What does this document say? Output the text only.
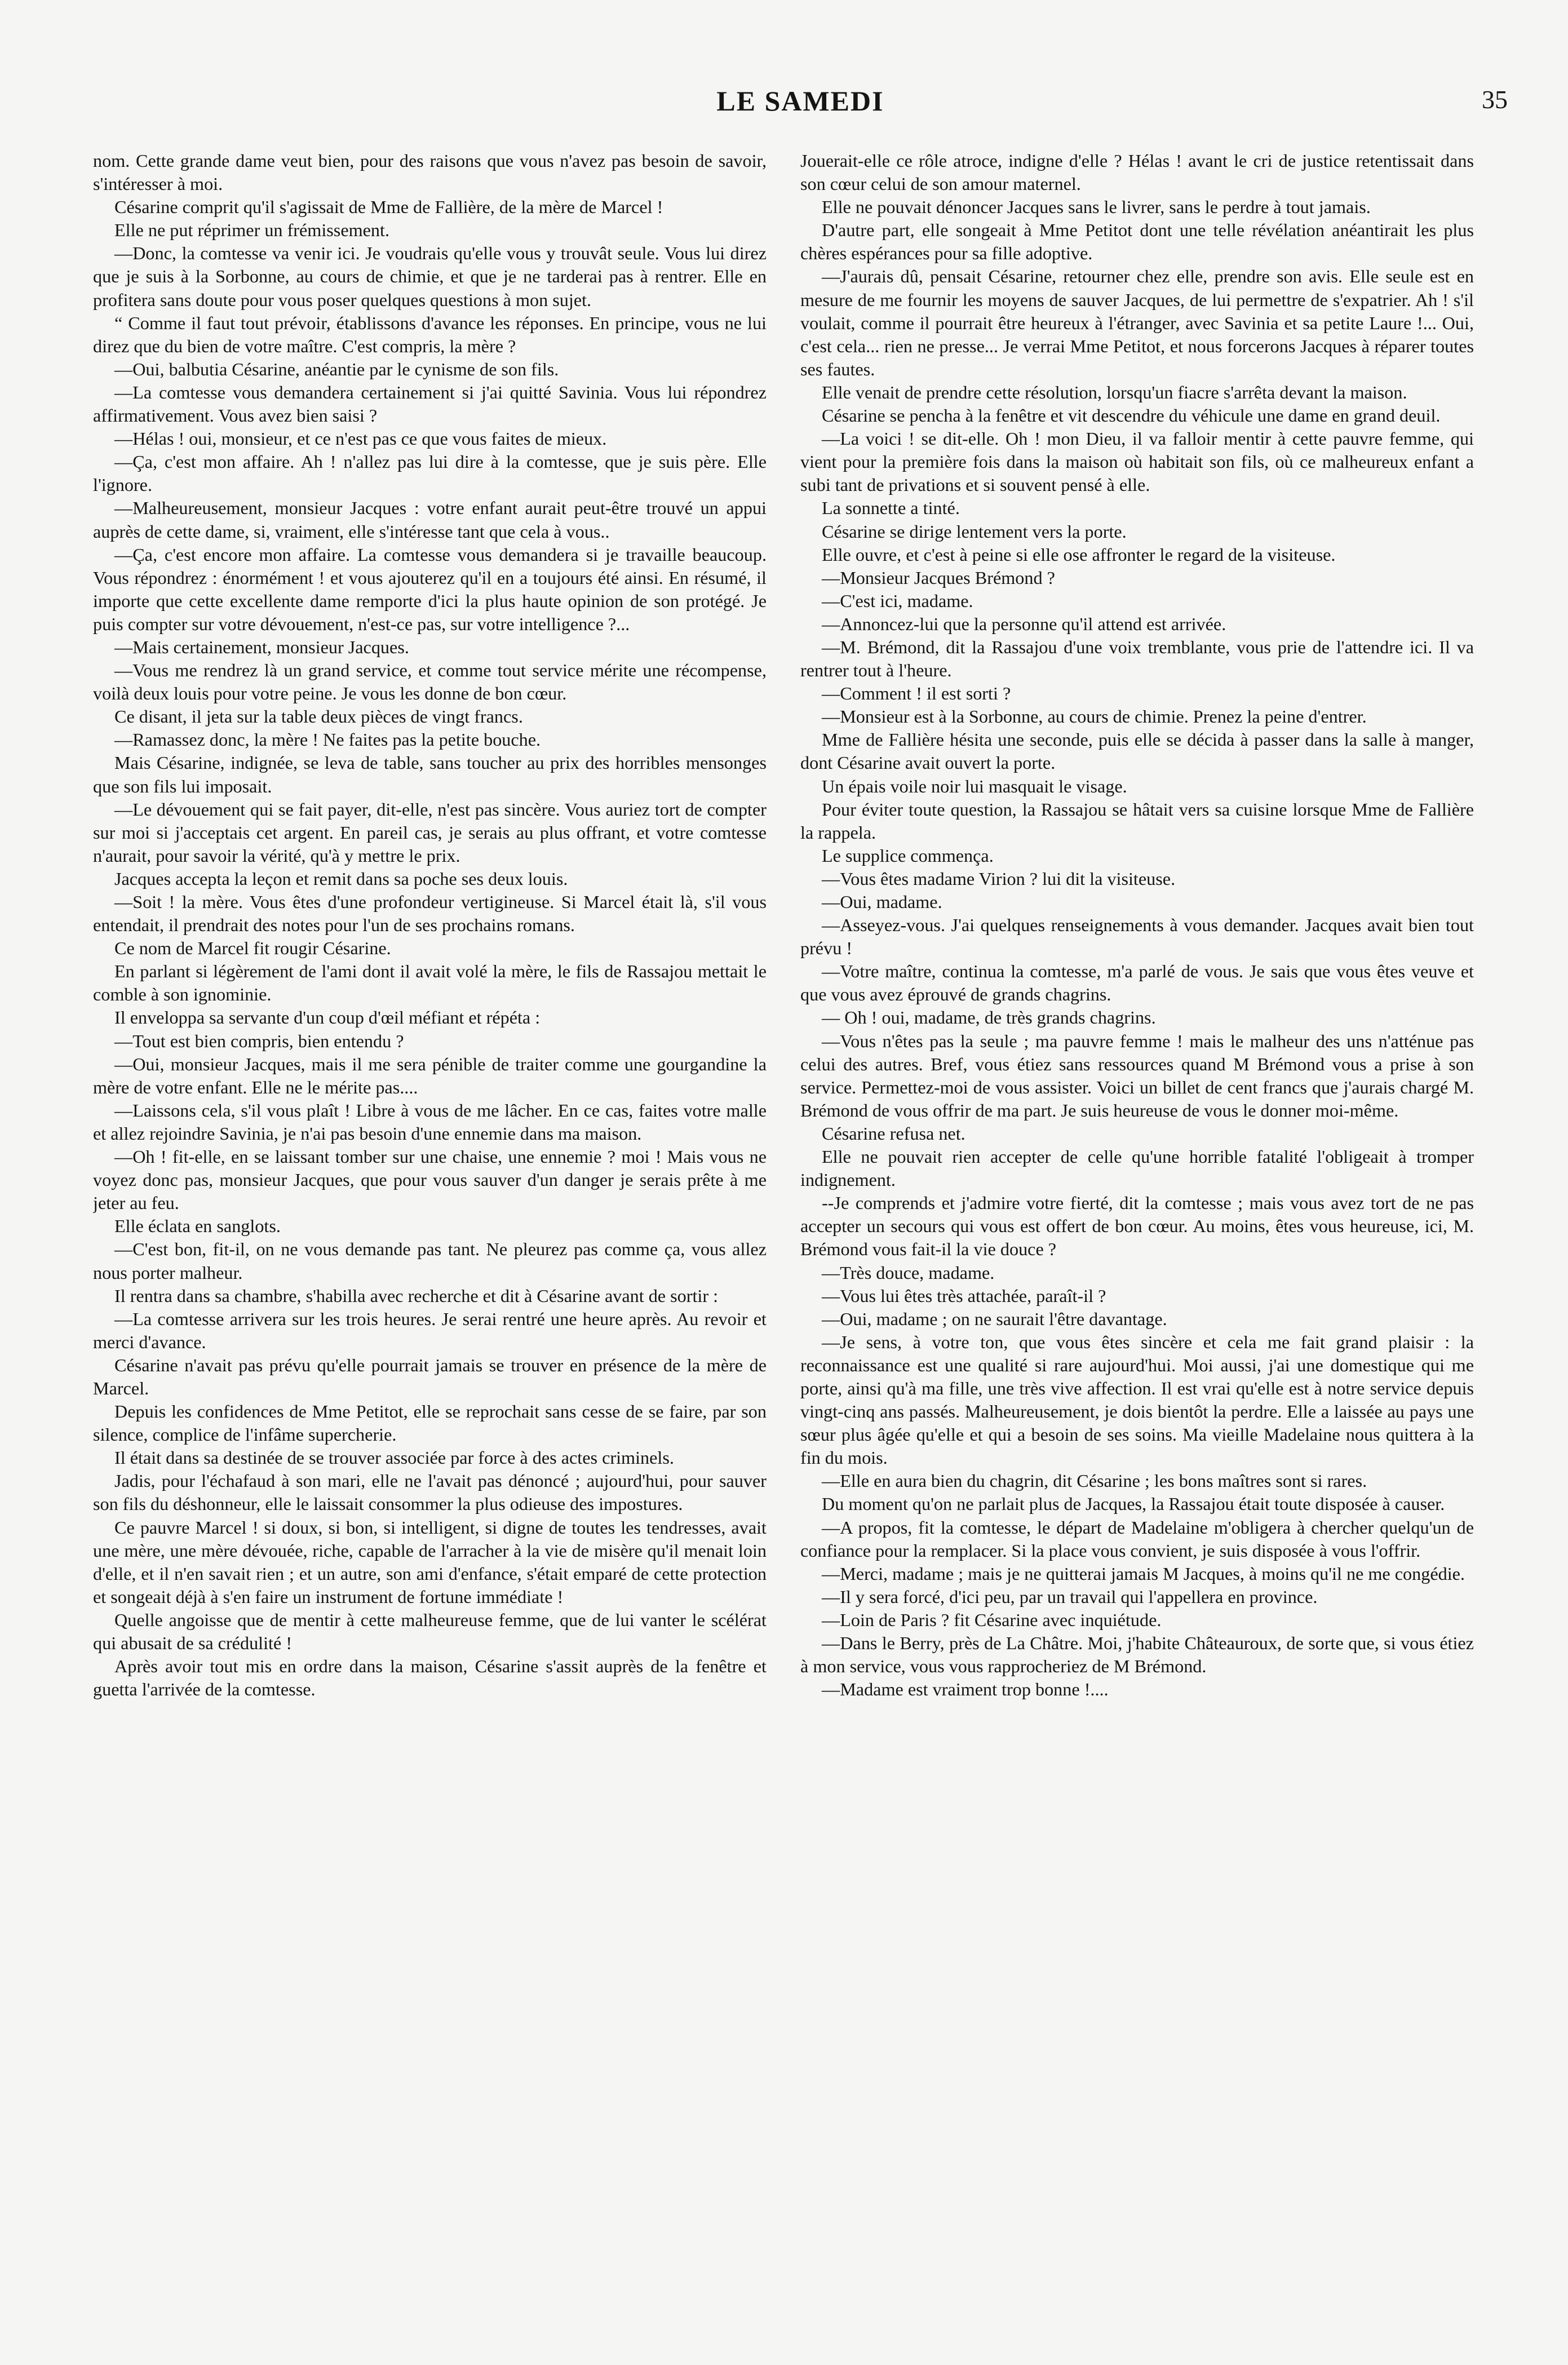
LE SAMEDI	35

nom. Cette grande dame veut bien, pour des raisons que vous n'avez pas besoin de savoir, s'intéresser à moi.

Césarine comprit qu'il s'agissait de Mme de Fallière, de la mère de Marcel !

Elle ne put réprimer un frémissement.

—Donc, la comtesse va venir ici. Je voudrais qu'elle vous y trouvât seule. Vous lui direz que je suis à la Sorbonne, au cours de chimie, et que je ne tarderai pas à rentrer. Elle en profitera sans doute pour vous poser quelques questions à mon sujet.

“ Comme il faut tout prévoir, établissons d'avance les réponses. En principe, vous ne lui direz que du bien de votre maître. C'est compris, la mère ?

—Oui, balbutia Césarine, anéantie par le cynisme de son fils.

—La comtesse vous demandera certainement si j'ai quitté Savinia. Vous lui répondrez affirmativement. Vous avez bien saisi ?

—Hélas ! oui, monsieur, et ce n'est pas ce que vous faites de mieux.

—Ça, c'est mon affaire. Ah ! n'allez pas lui dire à la comtesse, que je suis père. Elle l'ignore.

—Malheureusement, monsieur Jacques : votre enfant aurait peut-être trouvé un appui auprès de cette dame, si, vraiment, elle s'intéresse tant que cela à vous..

—Ça, c'est encore mon affaire. La comtesse vous demandera si je travaille beaucoup. Vous répondrez : énormément ! et vous ajouterez qu'il en a toujours été ainsi. En résumé, il importe que cette excellente dame remporte d'ici la plus haute opinion de son protégé. Je puis compter sur votre dévouement, n'est-ce pas, sur votre intelligence ?...

—Mais certainement, monsieur Jacques.

—Vous me rendrez là un grand service, et comme tout service mérite une récompense, voilà deux louis pour votre peine. Je vous les donne de bon cœur.

Ce disant, il jeta sur la table deux pièces de vingt francs.

—Ramassez donc, la mère ! Ne faites pas la petite bouche.

Mais Césarine, indignée, se leva de table, sans toucher au prix des horribles mensonges que son fils lui imposait.

—Le dévouement qui se fait payer, dit-elle, n'est pas sincère. Vous auriez tort de compter sur moi si j'acceptais cet argent. En pareil cas, je serais au plus offrant, et votre comtesse n'aurait, pour savoir la vérité, qu'à y mettre le prix.

Jacques accepta la leçon et remit dans sa poche ses deux louis.

—Soit ! la mère. Vous êtes d'une profondeur vertigineuse. Si Marcel était là, s'il vous entendait, il prendrait des notes pour l'un de ses prochains romans.

Ce nom de Marcel fit rougir Césarine.

En parlant si légèrement de l'ami dont il avait volé la mère, le fils de Rassajou mettait le comble à son ignominie.

Il enveloppa sa servante d'un coup d'œil méfiant et répéta :

—Tout est bien compris, bien entendu ?

—Oui, monsieur Jacques, mais il me sera pénible de traiter comme une gourgandine la mère de votre enfant. Elle ne le mérite pas....

—Laissons cela, s'il vous plaît ! Libre à vous de me lâcher. En ce cas, faites votre malle et allez rejoindre Savinia, je n'ai pas besoin d'une ennemie dans ma maison.

—Oh ! fit-elle, en se laissant tomber sur une chaise, une ennemie ? moi ! Mais vous ne voyez donc pas, monsieur Jacques, que pour vous sauver d'un danger je serais prête à me jeter au feu.

Elle éclata en sanglots.

—C'est bon, fit-il, on ne vous demande pas tant. Ne pleurez pas comme ça, vous allez nous porter malheur.

Il rentra dans sa chambre, s'habilla avec recherche et dit à Césarine avant de sortir :

—La comtesse arrivera sur les trois heures. Je serai rentré une heure après. Au revoir et merci d'avance.

Césarine n'avait pas prévu qu'elle pourrait jamais se trouver en présence de la mère de Marcel.

Depuis les confidences de Mme Petitot, elle se reprochait sans cesse de se faire, par son silence, complice de l'infâme supercherie.

Il était dans sa destinée de se trouver associée par force à des actes criminels.

Jadis, pour l'échafaud à son mari, elle ne l'avait pas dénoncé ; aujourd'hui, pour sauver son fils du déshonneur, elle le laissait consommer la plus odieuse des impostures.

Ce pauvre Marcel ! si doux, si bon, si intelligent, si digne de toutes les tendresses, avait une mère, une mère dévouée, riche, capable de l'arracher à la vie de misère qu'il menait loin d'elle, et il n'en savait rien ; et un autre, son ami d'enfance, s'était emparé de cette protection et songeait déjà à s'en faire un instrument de fortune immédiate !

Quelle angoisse que de mentir à cette malheureuse femme, que de lui vanter le scélérat qui abusait de sa crédulité !

Après avoir tout mis en ordre dans la maison, Césarine s'assit auprès de la fenêtre et guetta l'arrivée de la comtesse.

Jouerait-elle ce rôle atroce, indigne d'elle ? Hélas ! avant le cri de justice retentissait dans son cœur celui de son amour maternel.

Elle ne pouvait dénoncer Jacques sans le livrer, sans le perdre à tout jamais.

D'autre part, elle songeait à Mme Petitot dont une telle révélation anéantirait les plus chères espérances pour sa fille adoptive.

—J'aurais dû, pensait Césarine, retourner chez elle, prendre son avis. Elle seule est en mesure de me fournir les moyens de sauver Jacques, de lui permettre de s'expatrier. Ah ! s'il voulait, comme il pourrait être heureux à l'étranger, avec Savinia et sa petite Laure !... Oui, c'est cela... rien ne presse... Je verrai Mme Petitot, et nous forcerons Jacques à réparer toutes ses fautes.

Elle venait de prendre cette résolution, lorsqu'un fiacre s'arrêta devant la maison.

Césarine se pencha à la fenêtre et vit descendre du véhicule une dame en grand deuil.

—La voici ! se dit-elle. Oh ! mon Dieu, il va falloir mentir à cette pauvre femme, qui vient pour la première fois dans la maison où habitait son fils, où ce malheureux enfant a subi tant de privations et si souvent pensé à elle.

La sonnette a tinté.

Césarine se dirige lentement vers la porte.

Elle ouvre, et c'est à peine si elle ose affronter le regard de la visiteuse.

—Monsieur Jacques Brémond ?

—C'est ici, madame.

—Annoncez-lui que la personne qu'il attend est arrivée.

—M. Brémond, dit la Rassajou d'une voix tremblante, vous prie de l'attendre ici. Il va rentrer tout à l'heure.

—Comment ! il est sorti ?

—Monsieur est à la Sorbonne, au cours de chimie. Prenez la peine d'entrer.

Mme de Fallière hésita une seconde, puis elle se décida à passer dans la salle à manger, dont Césarine avait ouvert la porte.

Un épais voile noir lui masquait le visage.

Pour éviter toute question, la Rassajou se hâtait vers sa cuisine lorsque Mme de Fallière la rappela.

Le supplice commença.

—Vous êtes madame Virion ? lui dit la visiteuse.

—Oui, madame.

—Asseyez-vous. J'ai quelques renseignements à vous demander. Jacques avait bien tout prévu !

—Votre maître, continua la comtesse, m'a parlé de vous. Je sais que vous êtes veuve et que vous avez éprouvé de grands chagrins.

— Oh ! oui, madame, de très grands chagrins.

—Vous n'êtes pas la seule ; ma pauvre femme ! mais le malheur des uns n'atténue pas celui des autres. Bref, vous étiez sans ressources quand M Brémond vous a prise à son service. Permettez-moi de vous assister. Voici un billet de cent francs que j'aurais chargé M. Brémond de vous offrir de ma part. Je suis heureuse de vous le donner moi-même.

Césarine refusa net.

Elle ne pouvait rien accepter de celle qu'une horrible fatalité l'obligeait à tromper indignement.

--Je comprends et j'admire votre fierté, dit la comtesse ; mais vous avez tort de ne pas accepter un secours qui vous est offert de bon cœur. Au moins, êtes vous heureuse, ici, M. Brémond vous fait-il la vie douce ?

—Très douce, madame.

—Vous lui êtes très attachée, paraît-il ?

—Oui, madame ; on ne saurait l'être davantage.

—Je sens, à votre ton, que vous êtes sincère et cela me fait grand plaisir : la reconnaissance est une qualité si rare aujourd'hui. Moi aussi, j'ai une domestique qui me porte, ainsi qu'à ma fille, une très vive affection. Il est vrai qu'elle est à notre service depuis vingt-cinq ans passés. Malheureusement, je dois bientôt la perdre. Elle a laissée au pays une sœur plus âgée qu'elle et qui a besoin de ses soins. Ma vieille Madelaine nous quittera à la fin du mois.

—Elle en aura bien du chagrin, dit Césarine ; les bons maîtres sont si rares.

Du moment qu'on ne parlait plus de Jacques, la Rassajou était toute disposée à causer.

—A propos, fit la comtesse, le départ de Madelaine m'obligera à chercher quelqu'un de confiance pour la remplacer. Si la place vous convient, je suis disposée à vous l'offrir.

—Merci, madame ; mais je ne quitterai jamais M Jacques, à moins qu'il ne me congédie.

—Il y sera forcé, d'ici peu, par un travail qui l'appellera en province.

—Loin de Paris ? fit Césarine avec inquiétude.

—Dans le Berry, près de La Châtre. Moi, j'habite Châteauroux, de sorte que, si vous étiez à mon service, vous vous rapprocheriez de M Brémond.

—Madame est vraiment trop bonne !....
